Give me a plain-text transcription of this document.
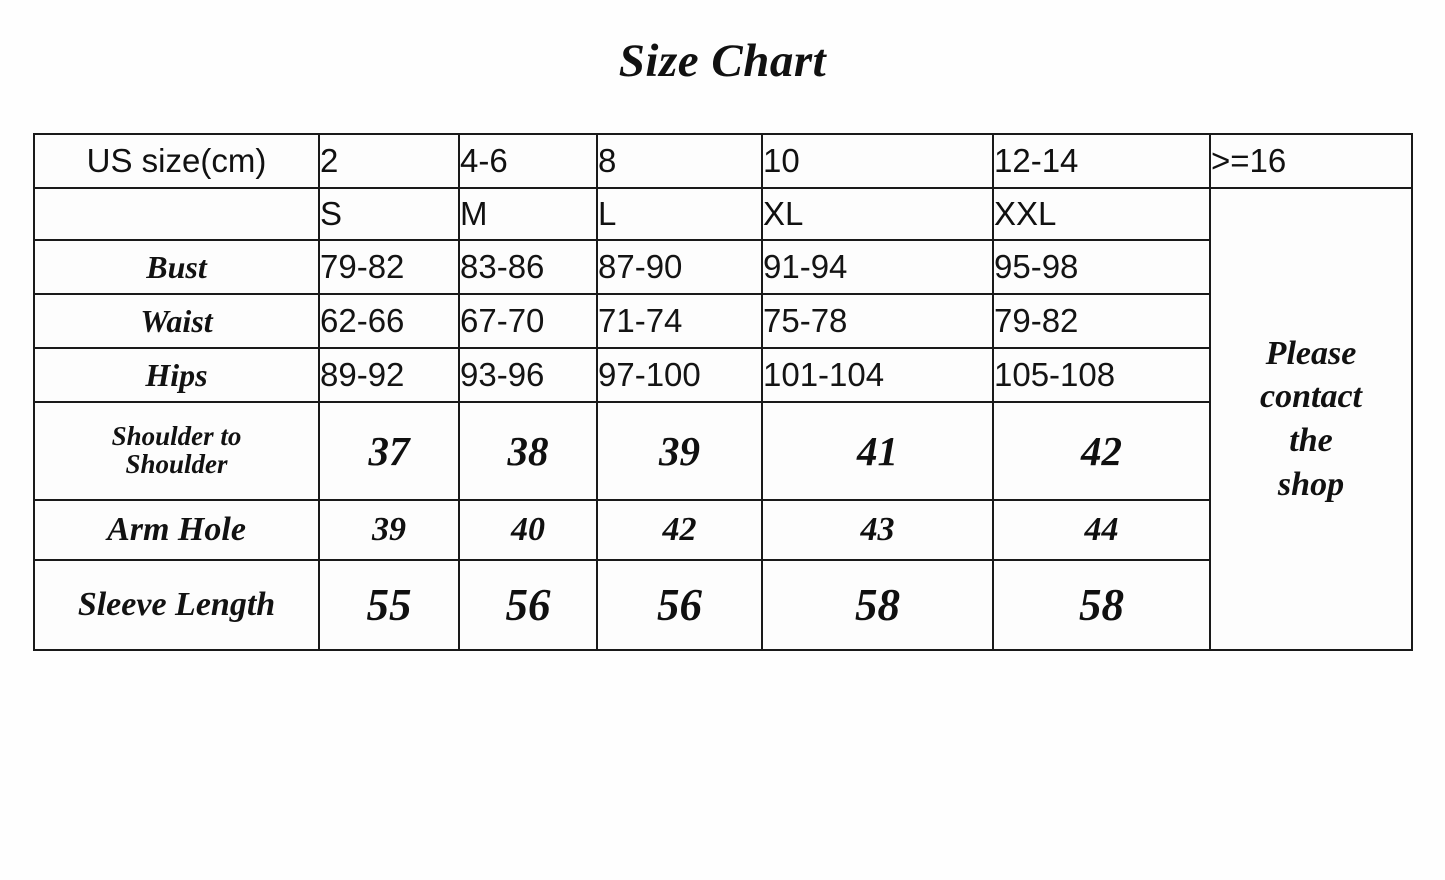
Size Chart
US size(cm)	2	4-6	8	10	12-14	>=16
	S	M	L	XL	XXL	Please
contact
the
shop

Bust	79-82	83-86	87-90	91-94	95-98	
Waist	62-66	67-70	71-74	75-78	79-82	
Hips	89-92	93-96	97-100	101-104	105-108	
Shoulder to
Shoulder	37	38	39	41	42	
Arm Hole	39	40	42	43	44	
Sleeve Length	55	56	56	58	58	
